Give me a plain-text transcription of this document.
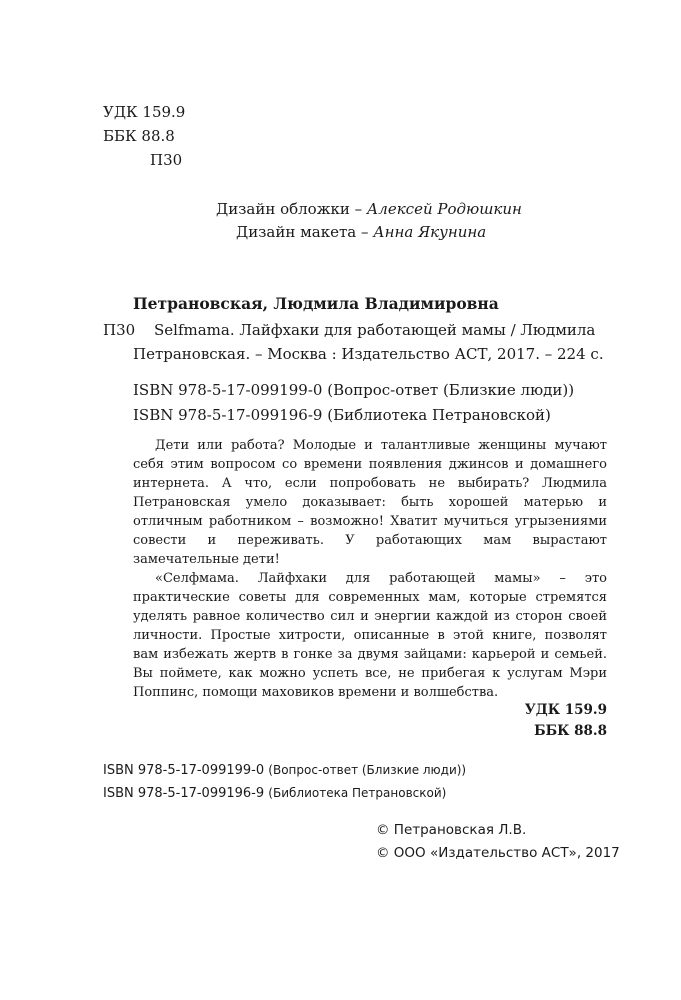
УДК 159.9
ББК 88.8
П30
Дизайн обложки – Алексей Родюшкин
Дизайн макета – Анна Якунина
Петрановская, Людмила Владимировна
П30 Selfmama. Лайфхаки для работающей мамы / Людмила
Петрановская. – Москва : Издательство АСТ, 2017. – 224 с.
ISBN 978-5-17-099199-0 (Вопрос-ответ (Близкие люди))
ISBN 978-5-17-099196-9 (Библиотека Петрановской)

Дети или работа? Молодые и талантливые женщины мучают себя этим вопросом со времени появления джинсов и домашнего интернета. А что, если попробовать не выбирать? Людмила Петрановская умело доказывает: быть хорошей матерью и отличным работником – возможно! Хватит мучиться угрызениями совести и переживать. У работающих мам вырастают замечательные дети!

«Селфмама. Лайфхаки для работающей мамы» – это практические советы для современных мам, которые стремятся уделять равное количество сил и энергии каждой из сторон своей личности. Простые хитрости, описанные в этой книге, позволят вам избежать жертв в гонке за двумя зайцами: карьерой и семьей. Вы поймете, как можно успеть все, не прибегая к услугам Мэри Поппинс, помощи маховиков времени и волшебства.

УДК 159.9
ББК 88.8
ISBN 978-5-17-099199-0 (Вопрос-ответ (Близкие люди))
ISBN 978-5-17-099196-9 (Библиотека Петрановской)
© Петрановская Л.В.
© ООО «Издательство АСТ», 2017
